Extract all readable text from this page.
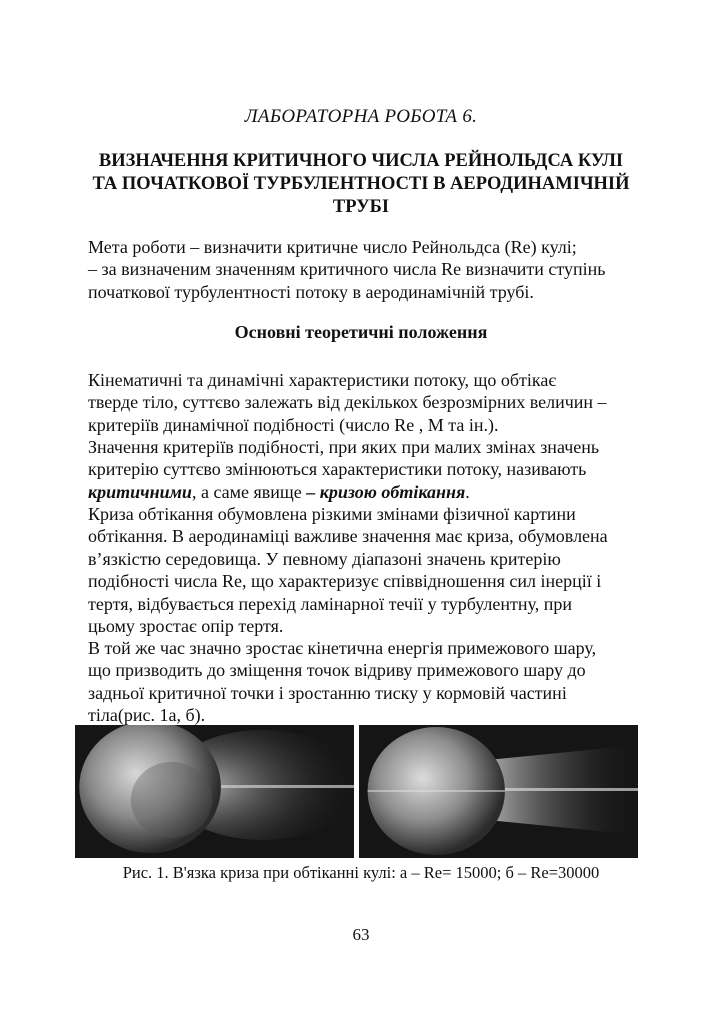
ЛАБОРАТОРНА РОБОТА 6.
ВИЗНАЧЕННЯ КРИТИЧНОГО ЧИСЛА РЕЙНОЛЬДСА КУЛІ
ТА ПОЧАТКОВОЇ ТУРБУЛЕНТНОСТІ В АЕРОДИНАМІЧНІЙ
ТРУБІ
Мета роботи – визначити критичне число Рейнольдса (Re) кулі;
– за визначеним значенням критичного числа Re визначити ступінь
початкової турбулентності потоку в аеродинамічній трубі.
Основні теоретичні положення
Кінематичні та динамічні характеристики потоку, що обтікає
тверде тіло, суттєво залежать від декількох безрозмірних величин –
критеріїв динамічної подібності (число Re , M та ін.).
Значення критеріїв подібності, при яких при малих змінах значень
критерію суттєво змінюються характеристики потоку, називають
критичними, а саме явище – кризою обтікання.
Криза обтікання обумовлена різкими змінами фізичної картини
обтікання. В аеродинаміці важливе значення має криза, обумовлена
в’язкістю середовища. У певному діапазоні значень критерію
подібності числа Re, що характеризує співвідношення сил інерції і
тертя, відбувається перехід ламінарної течії у турбулентну, при
цьому зростає опір тертя.
В той же час значно зростає кінетична енергія примежового шару,
що призводить до зміщення точок відриву примежового шару до
задньої критичної точки і зростанню тиску у кормовій частині
тіла(рис. 1а, б).
Рис. 1. В'язка криза при обтіканні кулі: а – Re= 15000; б – Re=30000
63
